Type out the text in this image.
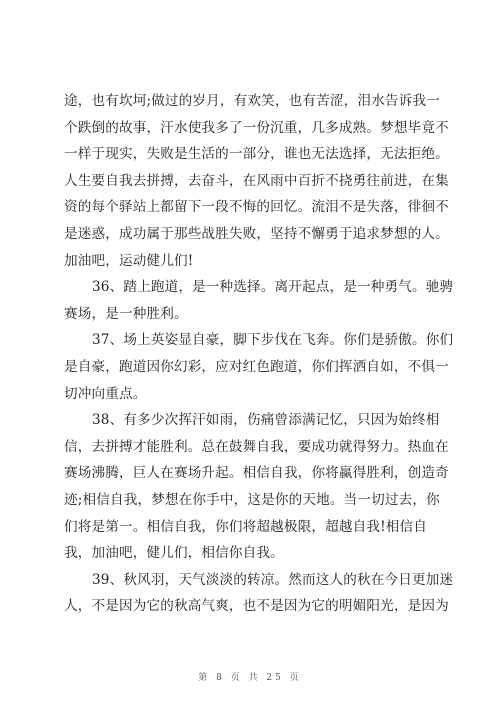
途，也有坎坷;做过的岁月，有欢笑，也有苦涩，泪水告诉我一
个跌倒的故事，汗水使我多了一份沉重，几多成熟。梦想毕竟不
一样于现实，失败是生活的一部分，谁也无法选择，无法拒绝。
人生要自我去拼搏，去奋斗，在风雨中百折不挠勇往前进，在集
资的每个驿站上都留下一段不悔的回忆。流泪不是失落，徘徊不
是迷惑，成功属于那些战胜失败，坚持不懈勇于追求梦想的人。
加油吧，运动健儿们!
36、踏上跑道，是一种选择。离开起点，是一种勇气。驰骋
赛场，是一种胜利。
37、场上英姿显自豪，脚下步伐在飞奔。你们是骄傲。你们
是自豪，跑道因你幻彩，应对红色跑道，你们挥洒自如，不俱一
切冲向重点。
38、有多少次挥汗如雨，伤痛曾添满记忆，只因为始终相
信，去拼搏才能胜利。总在鼓舞自我，要成功就得努力。热血在
赛场沸腾，巨人在赛场升起。相信自我，你将赢得胜利，创造奇
迹;相信自我，梦想在你手中，这是你的天地。当一切过去，你
们将是第一。相信自我，你们将超越极限，超越自我!相信自
我，加油吧，健儿们，相信你自我。
39、秋风羽，天气淡淡的转凉。然而这人的秋在今日更加迷
人，不是因为它的秋高气爽，也不是因为它的明媚阳光，是因为
第 8 页 共 25 页
